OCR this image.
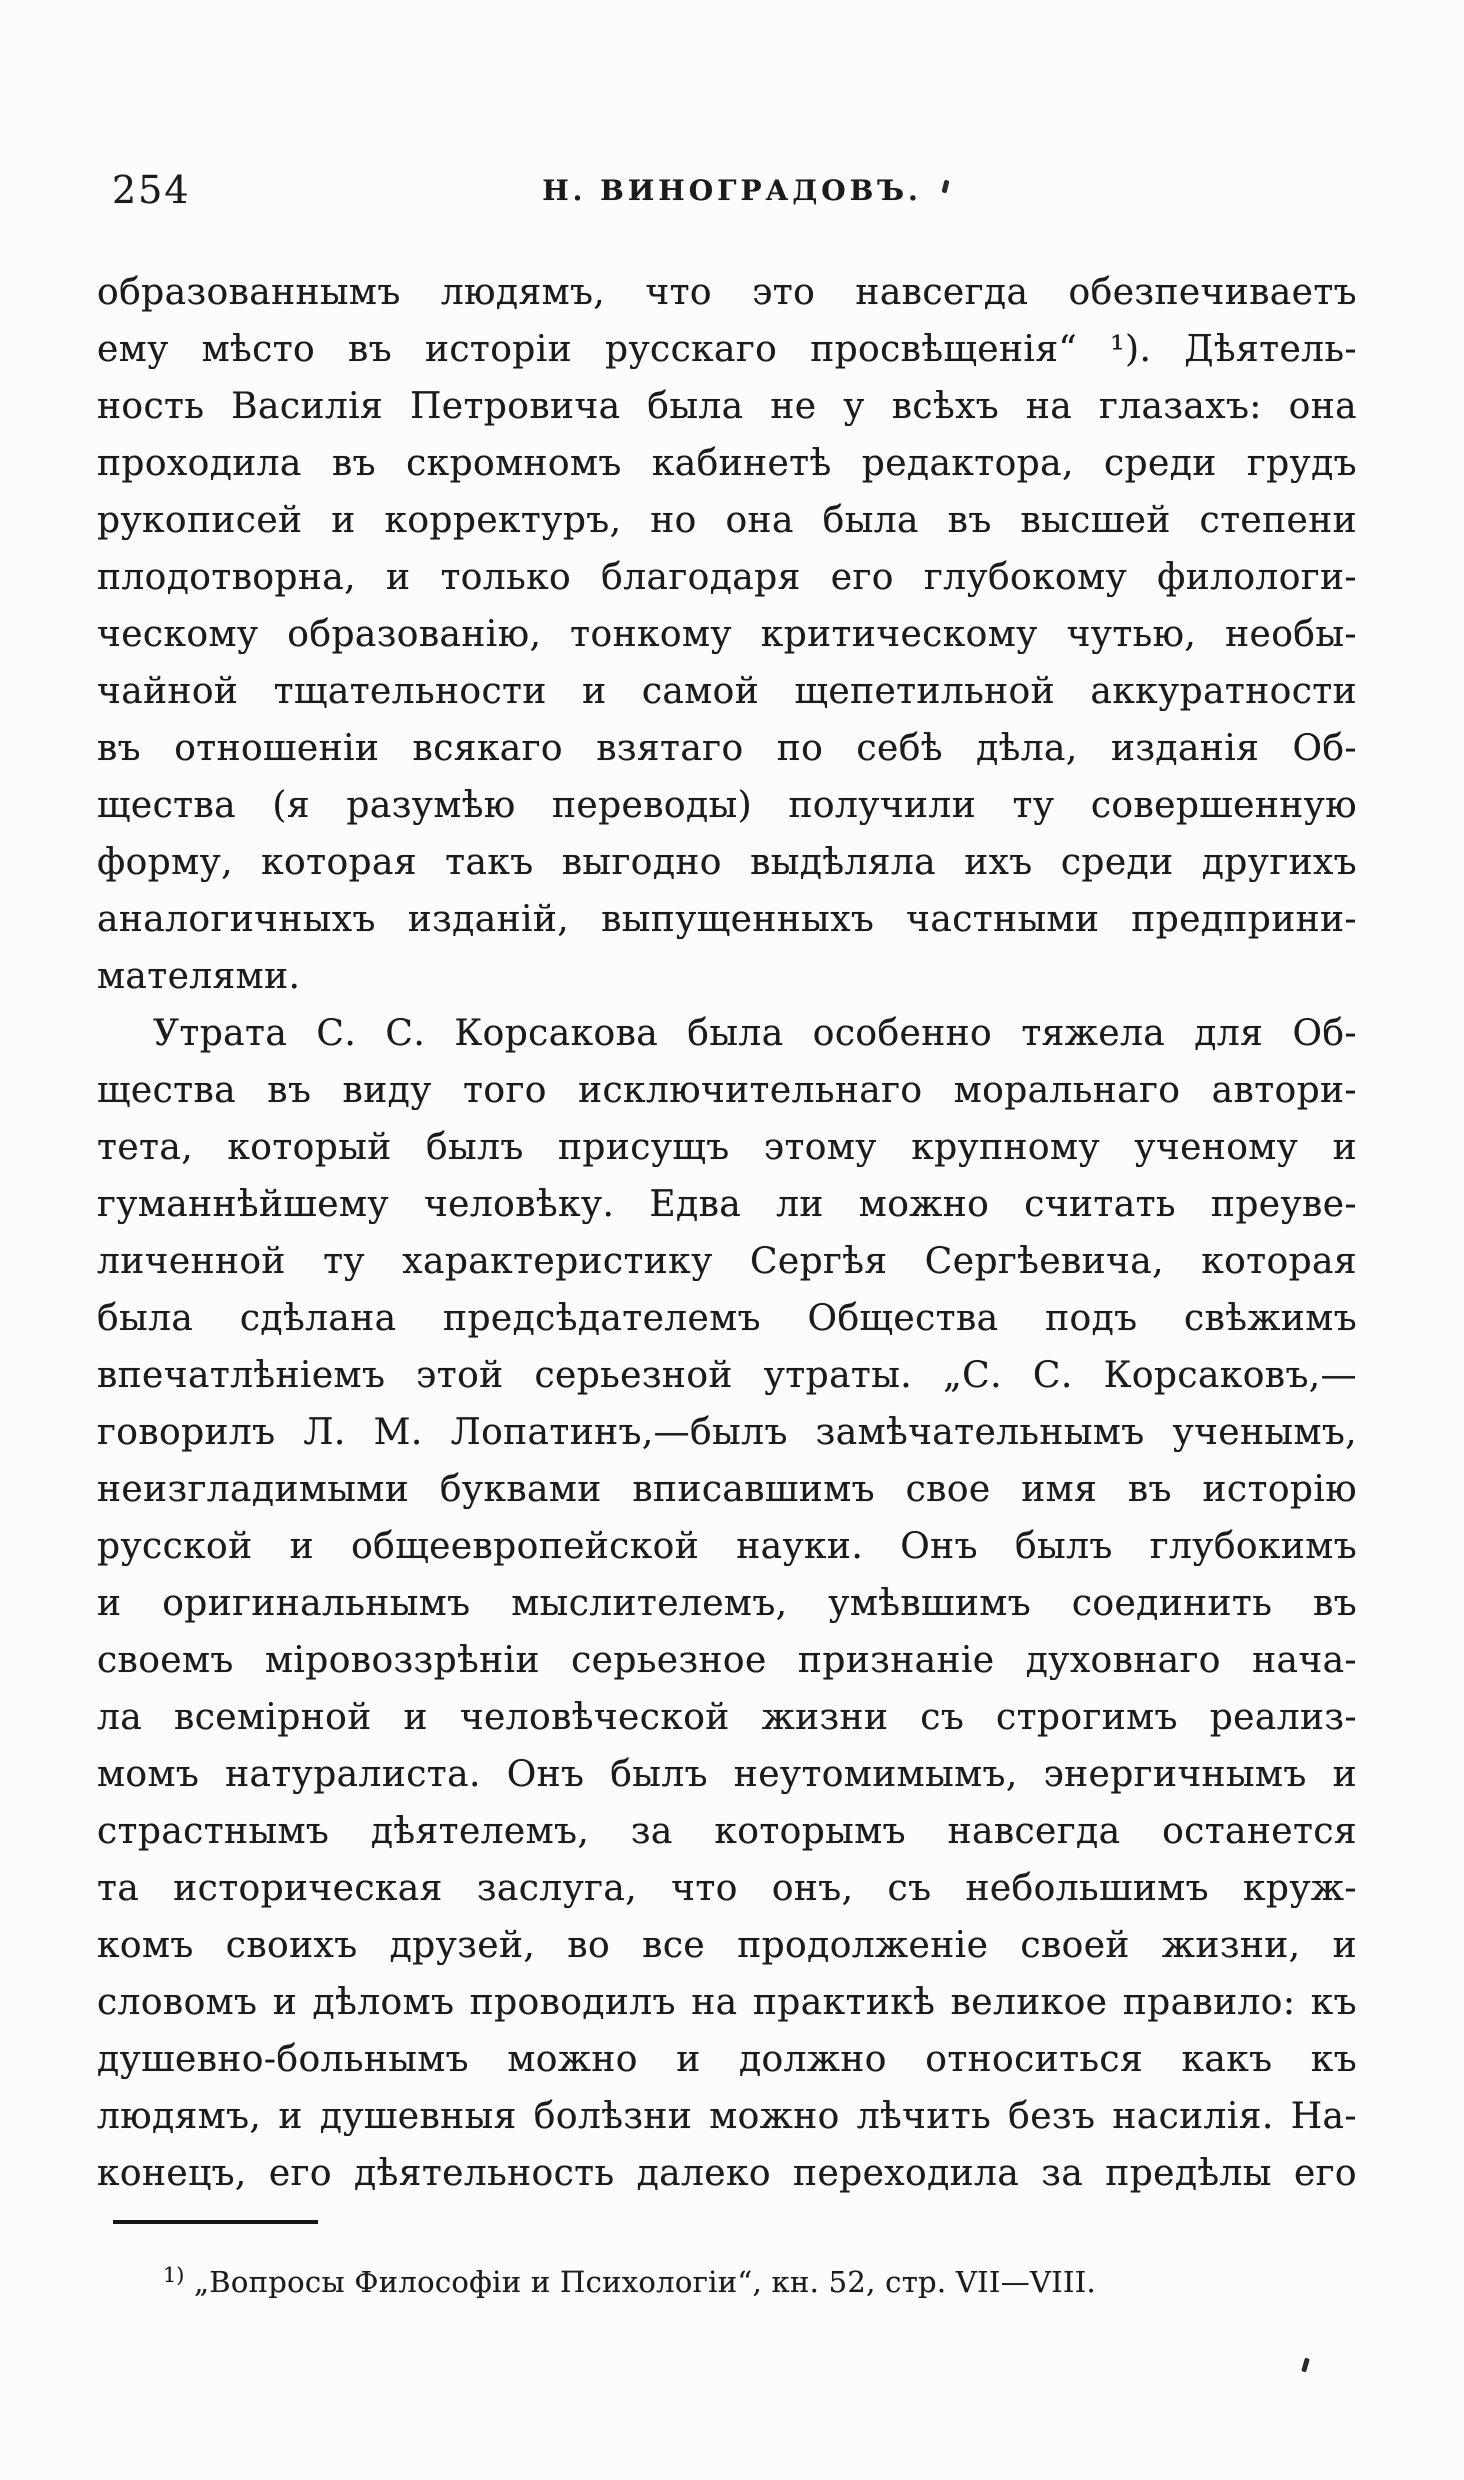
254	Н. ВИНОГРАДОВЪ.
образованнымъ людямъ, что это навсегда обезпечиваетъ
ему мѣсто въ исторіи русскаго просвѣщенія“ ¹). Дѣятель-
ность Василія Петровича была не у всѣхъ на глазахъ: она
проходила въ скромномъ кабинетѣ редактора, среди грудъ
рукописей и корректуръ, но она была въ высшей степени
плодотворна, и только благодаря его глубокому филологи-
ческому образованію, тонкому критическому чутью, необы-
чайной тщательности и самой щепетильной аккуратности
въ отношеніи всякаго взятаго по себѣ дѣла, изданія Об-
щества (я разумѣю переводы) получили ту совершенную
форму, которая такъ выгодно выдѣляла ихъ среди другихъ
аналогичныхъ изданій, выпущенныхъ частными предприни-
мателями.
Утрата С. С. Корсакова была особенно тяжела для Об-
щества въ виду того исключительнаго моральнаго автори-
тета, который былъ присущъ этому крупному ученому и
гуманнѣйшему человѣку. Едва ли можно считать преуве-
личенной ту характеристику Сергѣя Сергѣевича, которая
была сдѣлана предсѣдателемъ Общества подъ свѣжимъ
впечатлѣніемъ этой серьезной утраты. „С. С. Корсаковъ,—
говорилъ Л. М. Лопатинъ,—былъ замѣчательнымъ ученымъ,
неизгладимыми буквами вписавшимъ свое имя въ исторію
русской и общеевропейской науки. Онъ былъ глубокимъ
и оригинальнымъ мыслителемъ, умѣвшимъ соединить въ
своемъ міровоззрѣніи серьезное признаніе духовнаго нача-
ла всемірной и человѣческой жизни съ строгимъ реализ-
момъ натуралиста. Онъ былъ неутомимымъ, энергичнымъ и
страстнымъ дѣятелемъ, за которымъ навсегда останется
та историческая заслуга, что онъ, съ небольшимъ круж-
комъ своихъ друзей, во все продолженіе своей жизни, и
словомъ и дѣломъ проводилъ на практикѣ великое правило: къ
душевно-больнымъ можно и должно относиться какъ къ
людямъ, и душевныя болѣзни можно лѣчить безъ насилія. На-
конецъ, его дѣятельность далеко переходила за предѣлы его
$^{1)}$ „Вопросы Философіи и Психологіи“, кн. 52, стр. VII—VIII.
